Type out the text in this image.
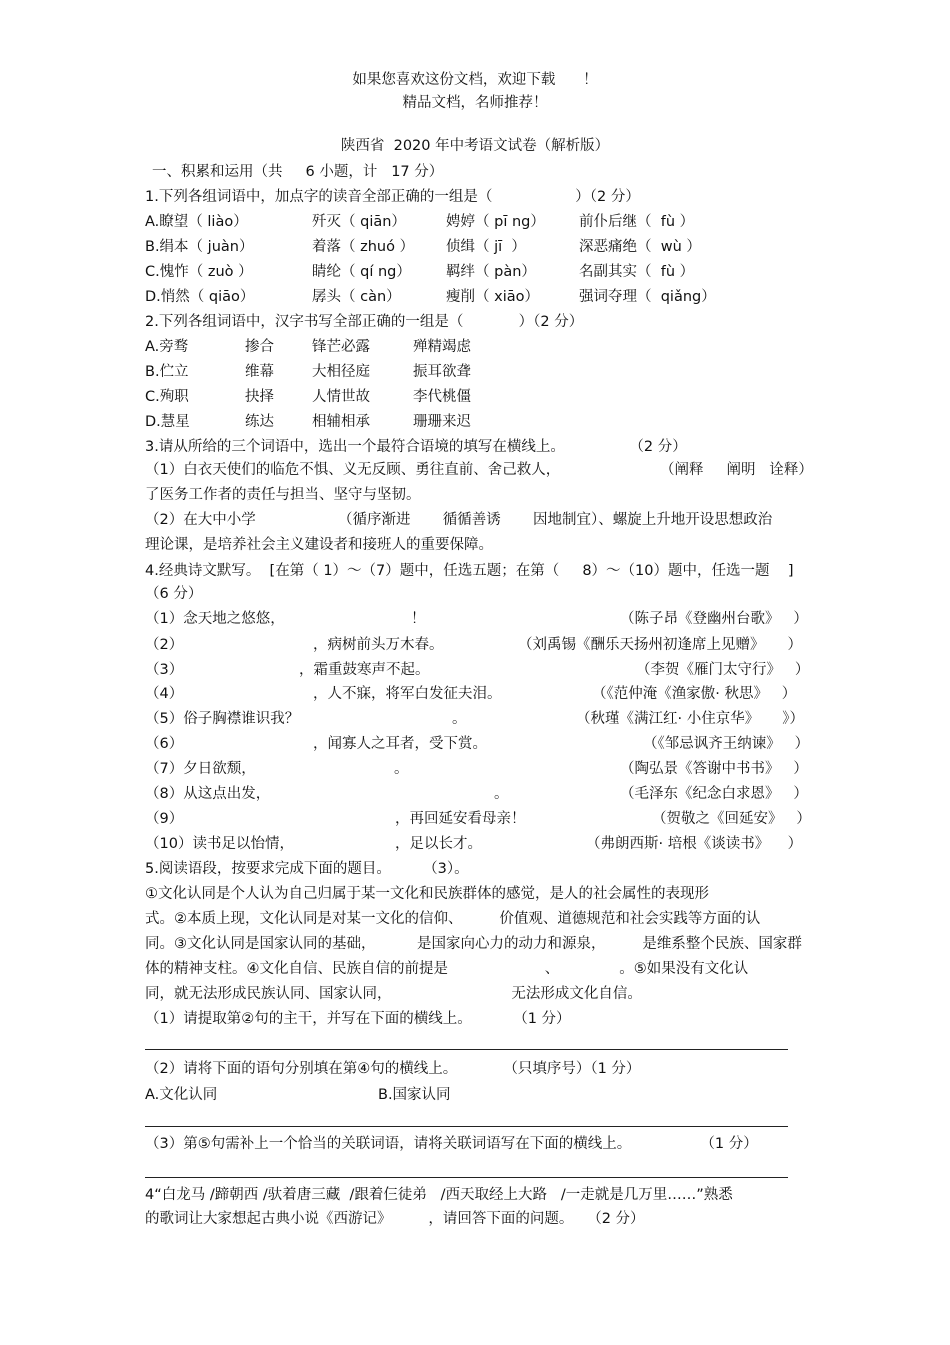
如果您喜欢这份文档，欢迎下载      ！
精品文档，名师推荐！
陕西省  2020 年中考语文试卷（解析版）
一、积累和运用（共     6 小题，计   17 分）
1.下列各组词语中，加点字的读音全部正确的一组是（                  ）（2 分）
A.瞭望（ liào）	歼灭（ qiān）	娉婷（ pī ng） 前仆后继（  fù ）
B.绢本（ juàn）	着落（ zhuó ） 侦缉（ jī  ）	深恶痛绝（  wù ）
C.愧怍（ zuò ）	睛纶（ qí ng） 羁绊（ pàn）	名副其实（  fù ）
D.悄然（ qiāo）	孱头（ càn）	瘦削（ xiāo）	强词夺理（  qiǎng）
2.下列各组词语中，汉字书写全部正确的一组是（            ）（2 分）
A.旁骛	掺合	锋芒必露	殚精竭虑
B.伫立	维幕	大相径庭	振耳欲聋
C.殉职	抉择	人情世故	李代桃僵
D.慧星	练达	相辅相承	珊珊来迟
3.请从所给的三个词语中，选出一个最符合语境的填写在横线上。              （2 分）
（1）白衣天使们的临危不惧、义无反顾、勇往直前、舍己救人，	（阐释     阐明   诠释）
了医务工作者的责任与担当、坚守与坚韧。
（2）在大中小学	（循序渐进       循循善诱       因地制宜）、螺旋上升地开设思想政治
理论课，是培养社会主义建设者和接班人的重要保障。
4.经典诗文默写。  [在第（ 1）～（7）题中，任选五题；在第（     8）～（10）题中，任选一题    ]
（6 分）
（1）念天地之悠悠，	！	（陈子昂《登幽州台歌》   ）
（2）	，病树前头万木春。	（刘禹锡《酬乐天扬州初逢席上见赠》     ）
（3）	，霜重鼓寒声不起。	（李贺《雁门太守行》   ）
（4）	，人不寐，将军白发征夫泪。	（《范仲淹《渔家傲· 秋思》   ）
（5）俗子胸襟谁识我？	。	（秋瑾《满江红· 小住京华》     》）
（6）	，闻寡人之耳者，受下赏。	（《邹忌讽齐王纳谏》   ）
（7）夕日欲颓，	。	（陶弘景《答谢中书书》   ）
（8）从这点出发，	。	（毛泽东《纪念白求恩》   ）
（9）	，再回延安看母亲！	（贺敬之《回延安》   ）
（10）读书足以怡情，	，足以长才。	（弗朗西斯· 培根《谈读书》    ）
5.阅读语段，按要求完成下面的题目。       （3）。
①文化认同是个人认为自己归属于某一文化和民族群体的感觉，是人的社会属性的表现形
式。②本质上现，文化认同是对某一文化的信仰、        价值观、道德规范和社会实践等方面的认
同。③文化认同是国家认同的基础，         是国家向心力的动力和源泉，        是维系整个民族、国家群
体的精神支柱。④文化自信、民族自信的前提是                     、             。⑤如果没有文化认
同，就无法形成民族认同、国家认同，                          无法形成文化自信。
（1）请提取第②句的主干，并写在下面的横线上。         （1 分）
（2）请将下面的语句分别填在第④句的横线上。          （只填序号）（1 分）
A.文化认同	B.国家认同
（3）第⑤句需补上一个恰当的关联词语，请将关联词语写在下面的横线上。               （1 分）
4“白龙马 /蹄朝西 /驮着唐三藏  /跟着仨徒弟   /西天取经上大路   /一走就是几万里……”熟悉
的歌词让大家想起古典小说《西游记》        ，请回答下面的问题。   （2 分）
